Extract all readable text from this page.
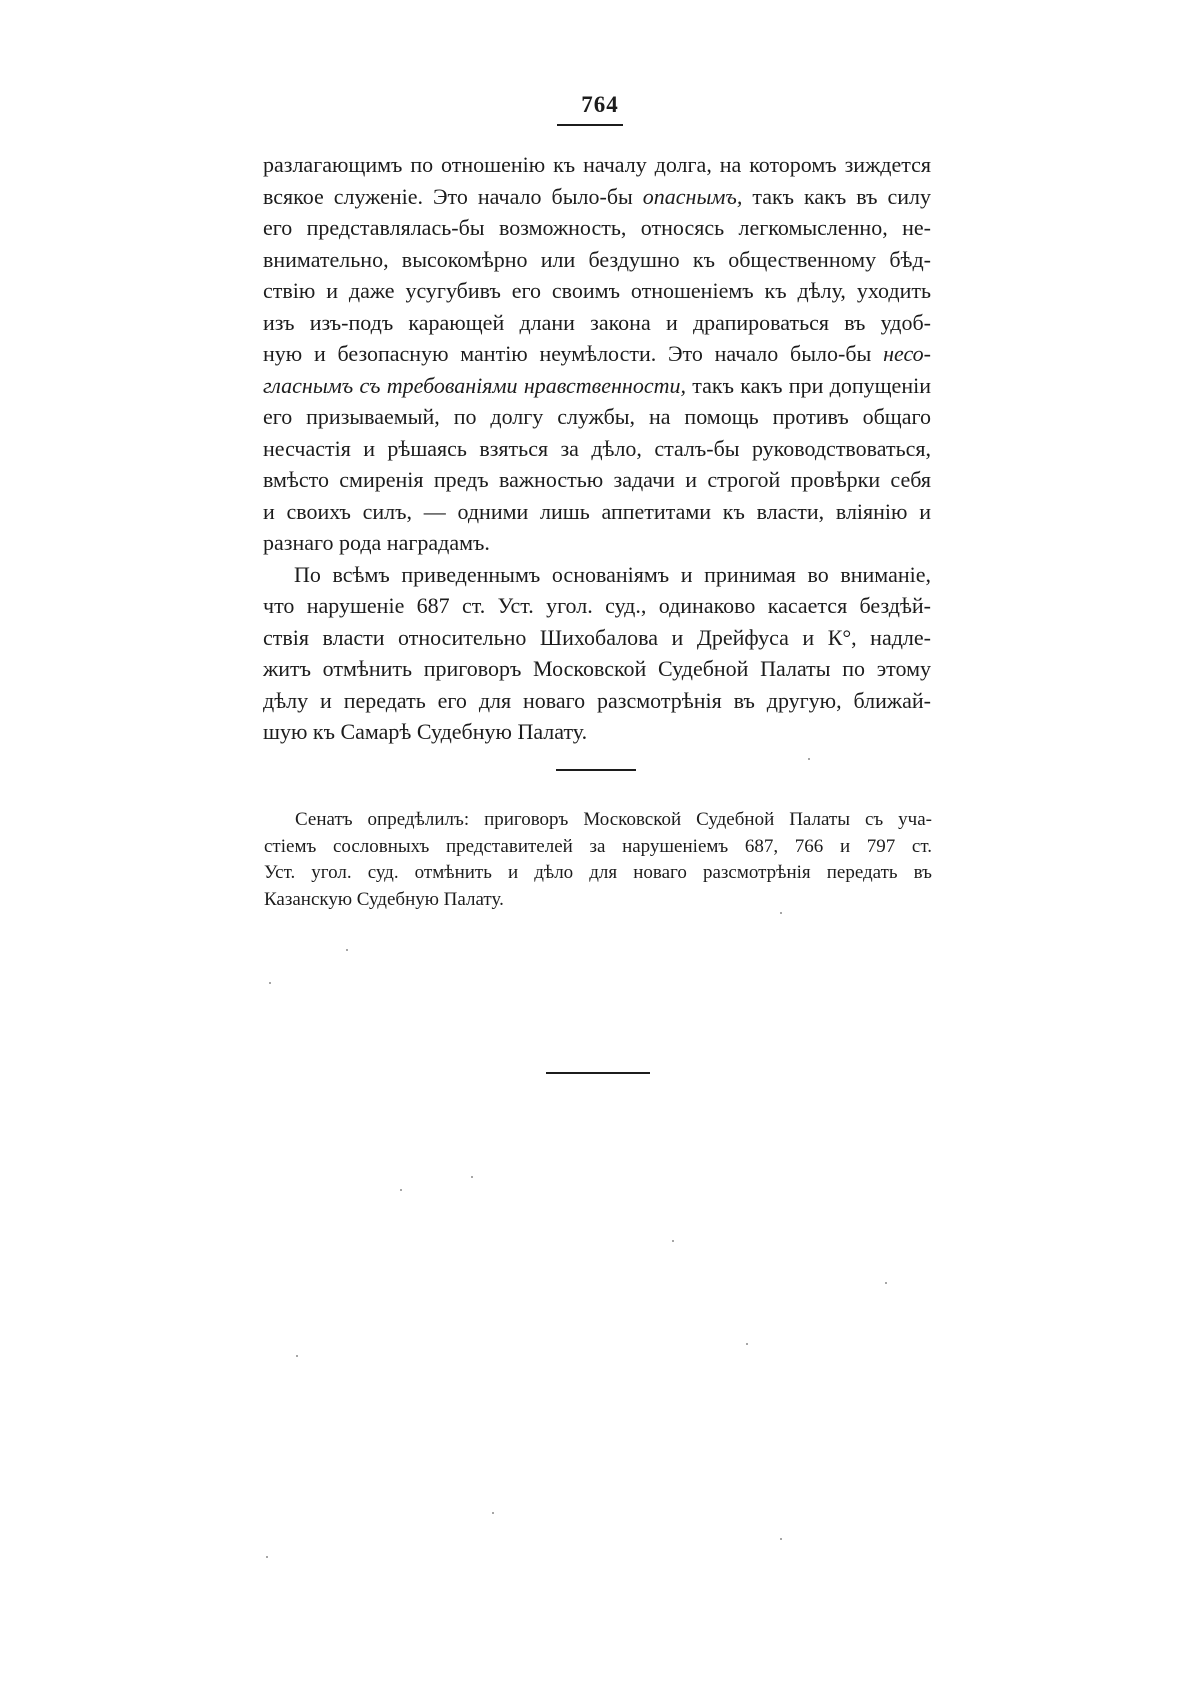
764
разлагающимъ по отношенію къ началу долга, на которомъ зиждется
всякое служеніе. Это начало было-бы опаснымъ, такъ какъ въ силу
его представлялась-бы возможность, относясь легкомысленно, не-
внимательно, высокомѣрно или бездушно къ общественному бѣд-
ствію и даже усугубивъ его своимъ отношеніемъ къ дѣлу, уходить
изъ изъ-подъ карающей длани закона и драпироваться въ удоб-
ную и безопасную мантію неумѣлости. Это начало было-бы несо-
гласнымъ съ требованіями нравственности, такъ какъ при допущеніи
его призываемый, по долгу службы, на помощь противъ общаго
несчастія и рѣшаясь взяться за дѣло, сталъ-бы руководствоваться,
вмѣсто смиренія предъ важностью задачи и строгой провѣрки себя
и своихъ силъ, — одними лишь аппетитами къ власти, вліянію и
разнаго рода наградамъ.
По всѣмъ приведеннымъ основаніямъ и принимая во вниманіе,
что нарушеніе 687 ст. Уст. угол. суд., одинаково касается бездѣй-
ствія власти относительно Шихобалова и Дрейфуса и К°, надле-
житъ отмѣнить приговоръ Московской Судебной Палаты по этому
дѣлу и передать его для новаго разсмотрѣнія въ другую, ближай-
шую къ Самарѣ Судебную Палату.
Сенатъ опредѣлилъ: приговоръ Московской Судебной Палаты съ уча-
стіемъ сословныхъ представителей за нарушеніемъ 687, 766 и 797 ст.
Уст. угол. суд. отмѣнить и дѣло для новаго разсмотрѣнія передать въ
Казанскую Судебную Палату.
